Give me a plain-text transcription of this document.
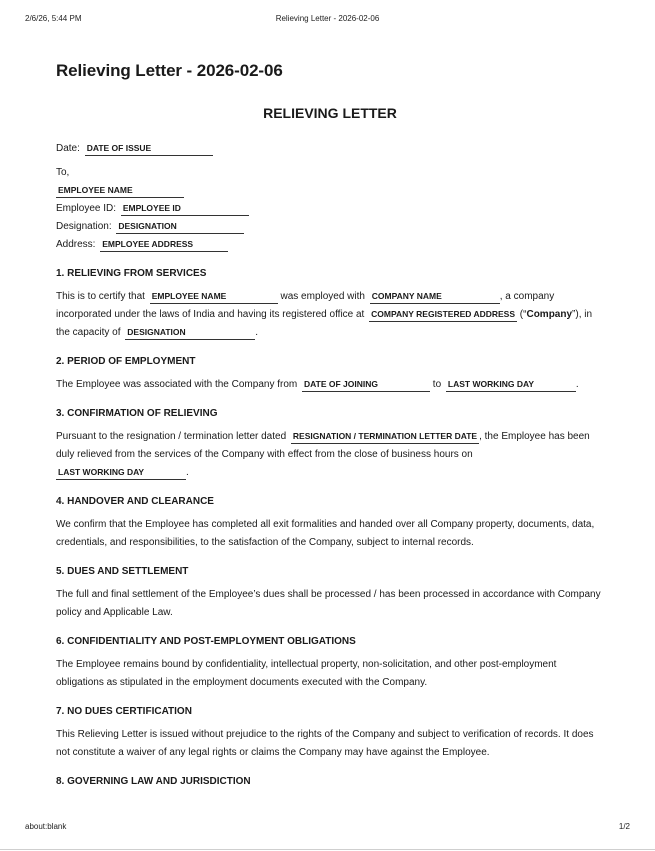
2/6/26, 5:44 PM	Relieving Letter - 2026-02-06
Relieving Letter - 2026-02-06
RELIEVING LETTER

Date: DATE OF ISSUE

To,

EMPLOYEE NAME

Employee ID: EMPLOYEE ID

Designation: DESIGNATION

Address: EMPLOYEE ADDRESS

1. RELIEVING FROM SERVICES

This is to certify that EMPLOYEE NAME	was employed with COMPANY NAME	, a company incorporated under the laws of India and having its registered office at COMPANY REGISTERED ADDRESS (“Company”), in the capacity of DESIGNATION	.

2. PERIOD OF EMPLOYMENT

The Employee was associated with the Company from DATE OF JOINING	to LAST WORKING DAY	.

3. CONFIRMATION OF RELIEVING

Pursuant to the resignation / termination letter dated RESIGNATION / TERMINATION LETTER DATE , the Employee has been duly relieved from the services of the Company with effect from the close of business hours on
LAST WORKING DAY	.

4. HANDOVER AND CLEARANCE

We confirm that the Employee has completed all exit formalities and handed over all Company property, documents, data, credentials, and responsibilities, to the satisfaction of the Company, subject to internal records.

5. DUES AND SETTLEMENT

The full and final settlement of the Employee’s dues shall be processed / has been processed in accordance with Company policy and Applicable Law.

6. CONFIDENTIALITY AND POST-EMPLOYMENT OBLIGATIONS

The Employee remains bound by confidentiality, intellectual property, non-solicitation, and other post-employment obligations as stipulated in the employment documents executed with the Company.

7. NO DUES CERTIFICATION

This Relieving Letter is issued without prejudice to the rights of the Company and subject to verification of records. It does not constitute a waiver of any legal rights or claims the Company may have against the Employee.

8. GOVERNING LAW AND JURISDICTION
about:blank	1/2
